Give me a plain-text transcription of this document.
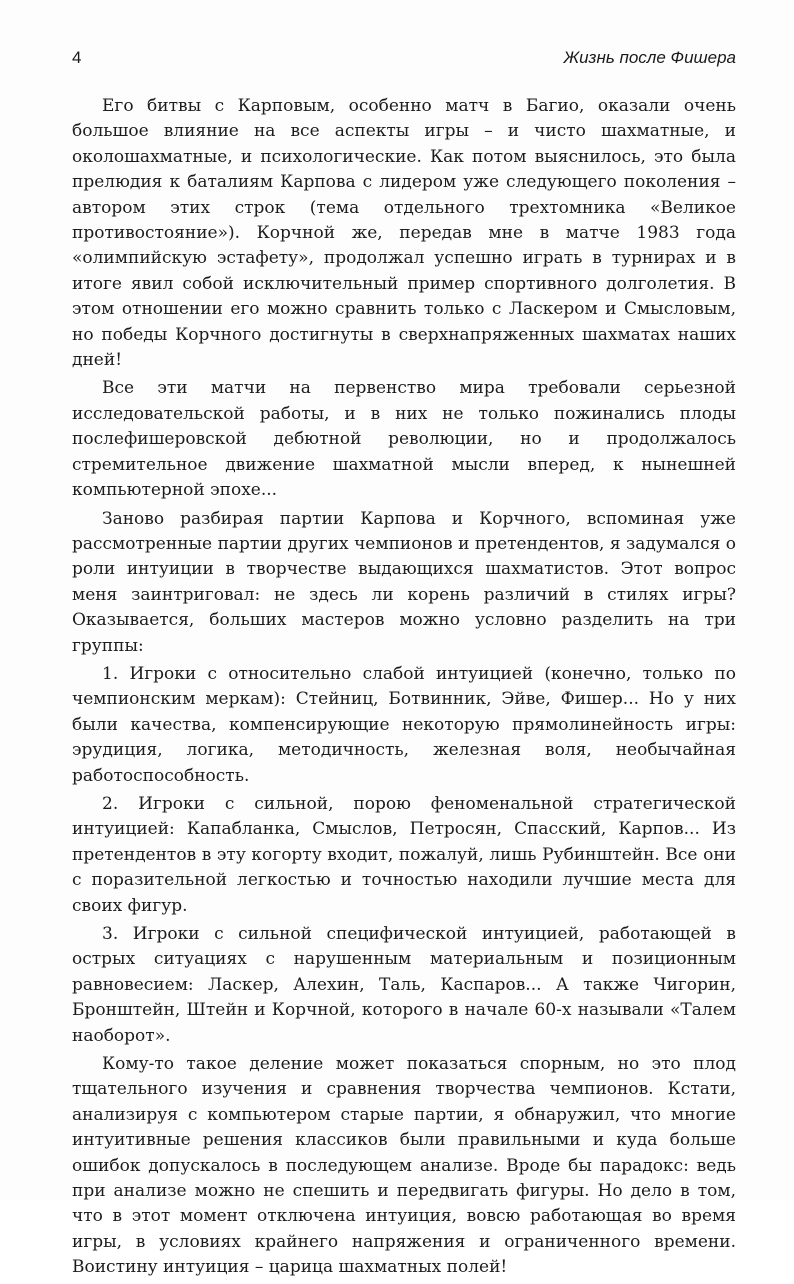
4	Жизнь после Фишера

Его битвы с Карповым, особенно матч в Багио, оказали очень большое влияние на все аспекты игры – и чисто шахматные, и околошахматные, и психологические. Как потом выяснилось, это была прелюдия к баталиям Карпова с лидером уже следующего поколения – автором этих строк (тема отдельного трехтомника «Великое противостояние»). Корчной же, передав мне в матче 1983 года «олимпийскую эстафету», продолжал успешно играть в турнирах и в итоге явил собой исключительный пример спортивного долголетия. В этом отношении его можно сравнить только с Ласкером и Смысловым, но победы Корчного достигнуты в сверхнапряженных шахматах наших дней!

Все эти матчи на первенство мира требовали серьезной исследовательской работы, и в них не только пожинались плоды послефишеровской дебютной революции, но и продолжалось стремительное движение шахматной мысли вперед, к нынешней компьютерной эпохе...

Заново разбирая партии Карпова и Корчного, вспоминая уже рассмотренные партии других чемпионов и претендентов, я задумался о роли интуиции в творчестве выдающихся шахматистов. Этот вопрос меня заинтриговал: не здесь ли корень различий в стилях игры? Оказывается, больших мастеров можно условно разделить на три группы:

1. Игроки с относительно слабой интуицией (конечно, только по чемпионским меркам): Стейниц, Ботвинник, Эйве, Фишер... Но у них были качества, компенсирующие некоторую прямолинейность игры: эрудиция, логика, методичность, железная воля, необычайная работоспособность.

2. Игроки с сильной, порою феноменальной стратегической интуицией: Капабланка, Смыслов, Петросян, Спасский, Карпов... Из претендентов в эту когорту входит, пожалуй, лишь Рубинштейн. Все они с поразительной легкостью и точностью находили лучшие места для своих фигур.

3. Игроки с сильной специфической интуицией, работающей в острых ситуациях с нарушенным материальным и позиционным равновесием: Ласкер, Алехин, Таль, Каспаров... А также Чигорин, Бронштейн, Штейн и Корчной, которого в начале 60-х называли «Талем наоборот».

Кому-то такое деление может показаться спорным, но это плод тщательного изучения и сравнения творчества чемпионов. Кстати, анализируя с компьютером старые партии, я обнаружил, что многие интуитивные решения классиков были правильными и куда больше ошибок допускалось в последующем анализе. Вроде бы парадокс: ведь при анализе можно не спешить и передвигать фигуры. Но дело в том, что в этот момент отключена интуиция, вовсю работающая во время игры, в условиях крайнего напряжения и ограниченного времени. Воистину интуиция – царица шахматных полей!
